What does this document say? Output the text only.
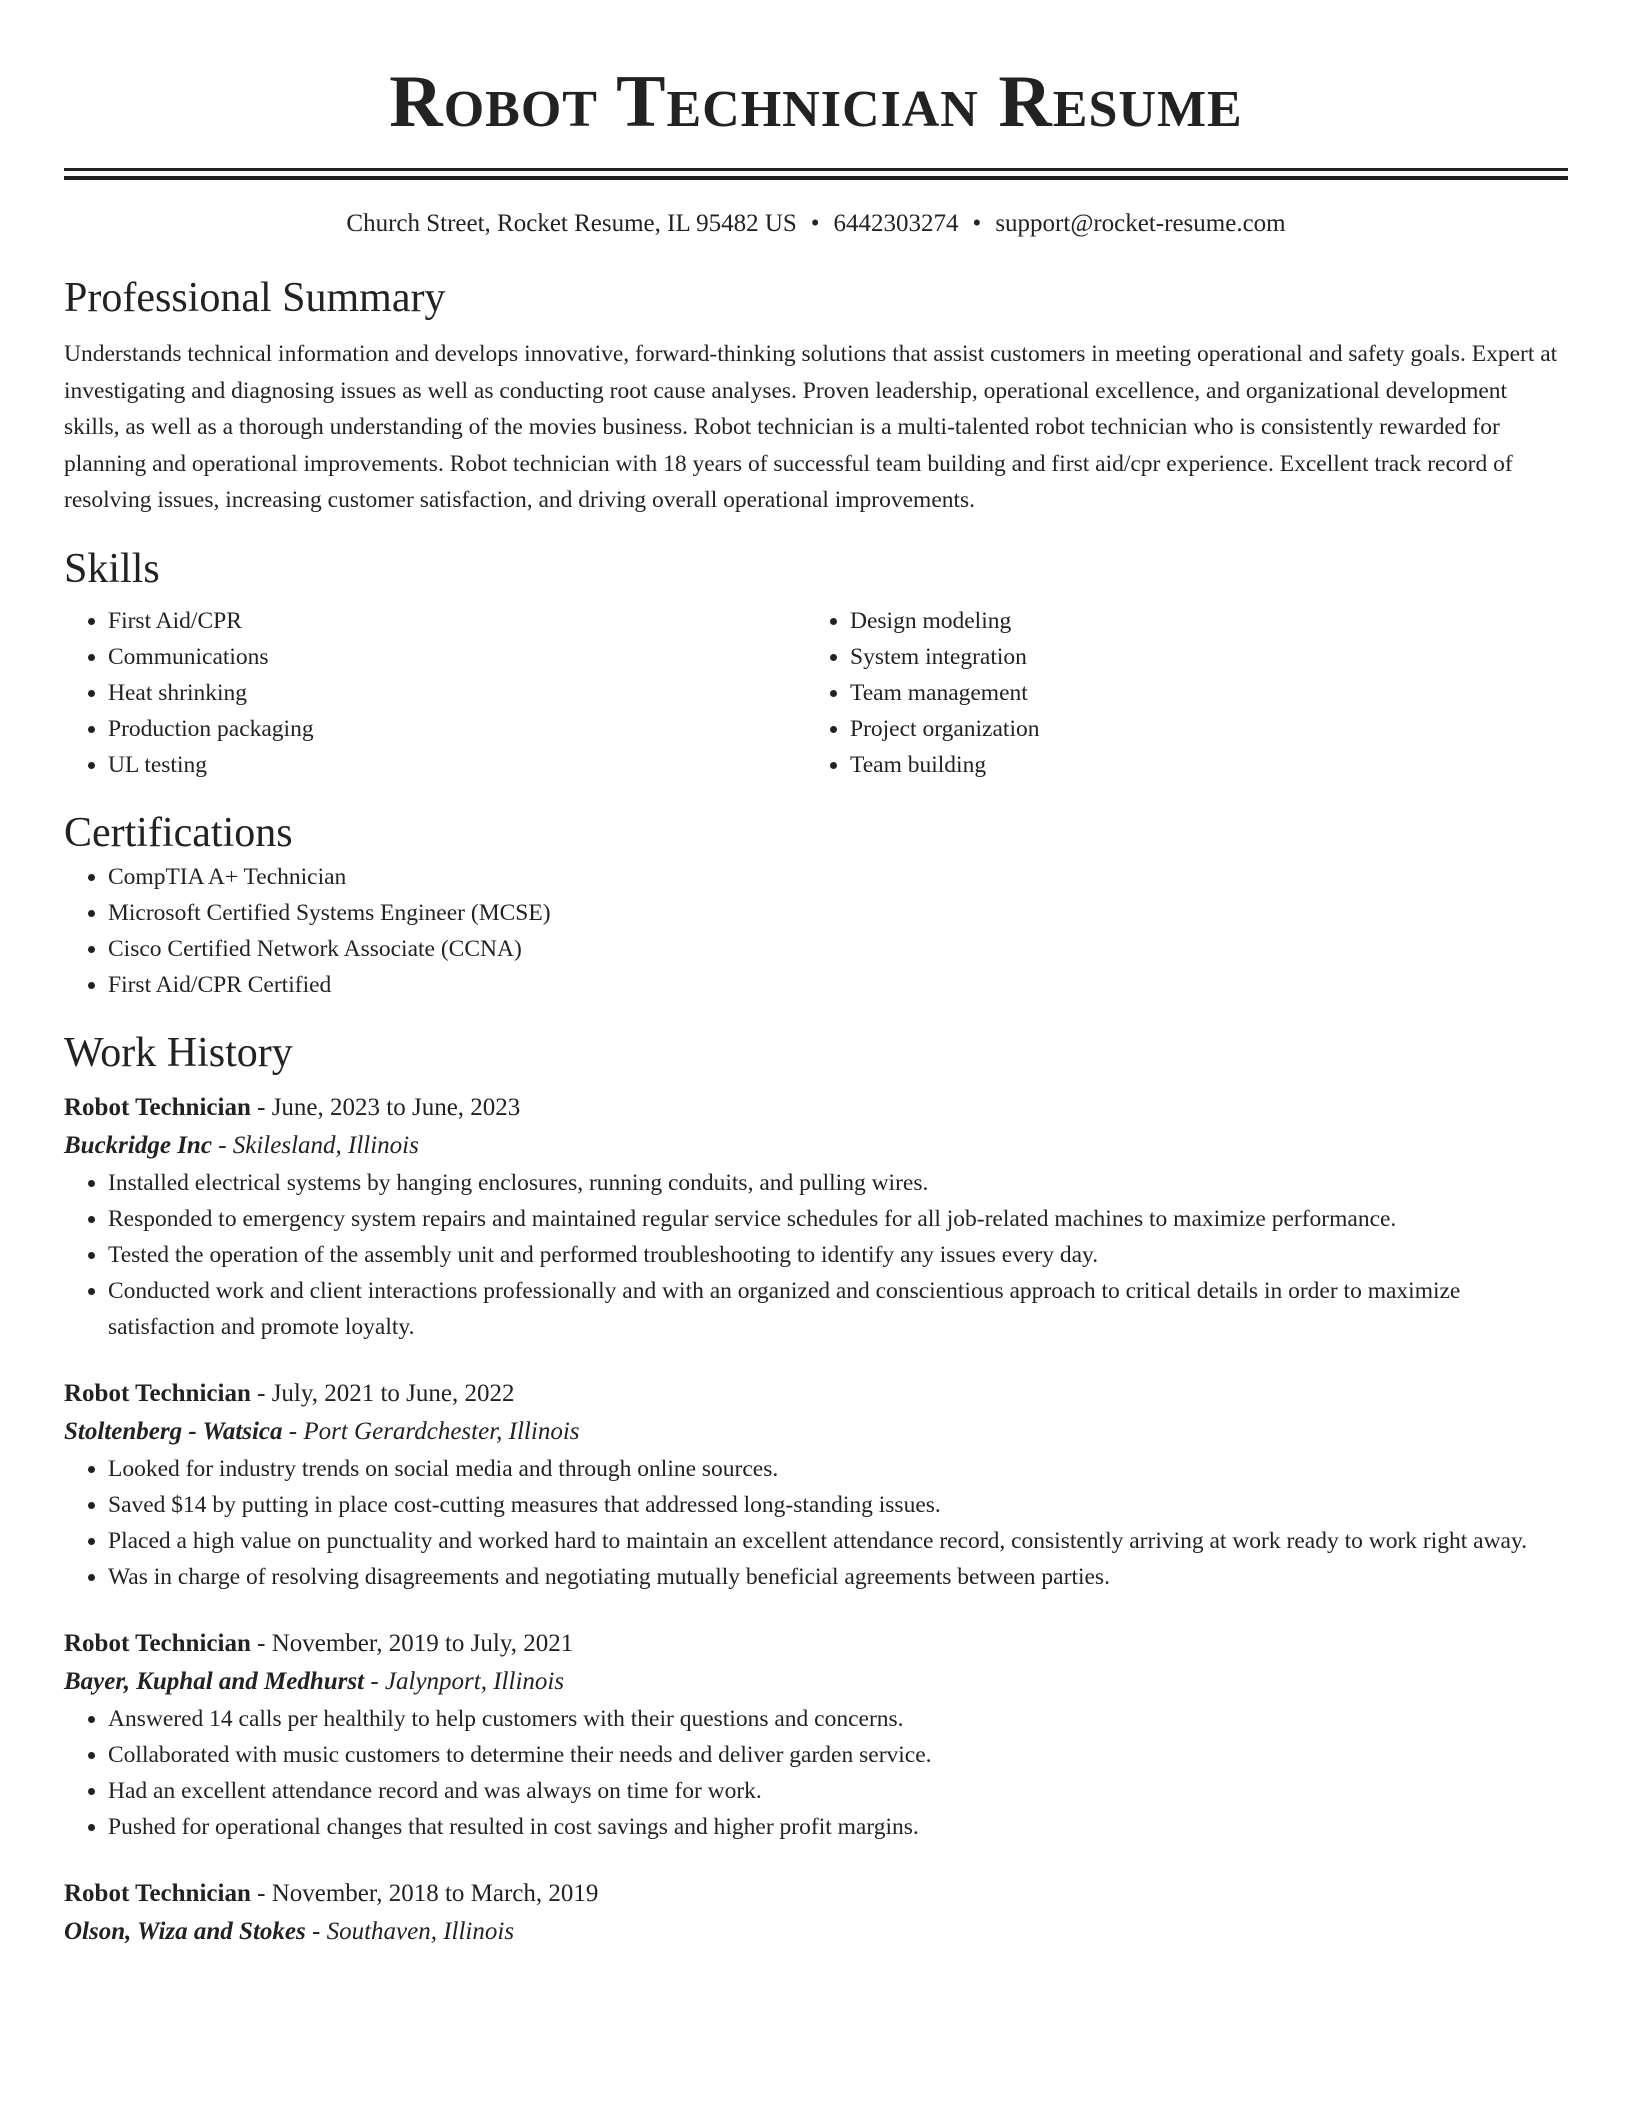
Robot Technician Resume
Church Street, Rocket Resume, IL 95482 US • 6442303274 • support@rocket-resume.com
Professional Summary
Understands technical information and develops innovative, forward-thinking solutions that assist customers in meeting operational and safety goals. Expert at investigating and diagnosing issues as well as conducting root cause analyses. Proven leadership, operational excellence, and organizational development skills, as well as a thorough understanding of the movies business. Robot technician is a multi-talented robot technician who is consistently rewarded for planning and operational improvements. Robot technician with 18 years of successful team building and first aid/cpr experience. Excellent track record of resolving issues, increasing customer satisfaction, and driving overall operational improvements.
Skills
• First Aid/CPR
• Communications
• Heat shrinking
• Production packaging
• UL testing
• Design modeling
• System integration
• Team management
• Project organization
• Team building
Certifications
• CompTIA A+ Technician
• Microsoft Certified Systems Engineer (MCSE)
• Cisco Certified Network Associate (CCNA)
• First Aid/CPR Certified
Work History
Robot Technician - June, 2023 to June, 2023
Buckridge Inc - Skilesland, Illinois
• Installed electrical systems by hanging enclosures, running conduits, and pulling wires.
• Responded to emergency system repairs and maintained regular service schedules for all job-related machines to maximize performance.
• Tested the operation of the assembly unit and performed troubleshooting to identify any issues every day.
• Conducted work and client interactions professionally and with an organized and conscientious approach to critical details in order to maximize satisfaction and promote loyalty.
Robot Technician - July, 2021 to June, 2022
Stoltenberg - Watsica - Port Gerardchester, Illinois
• Looked for industry trends on social media and through online sources.
• Saved $14 by putting in place cost-cutting measures that addressed long-standing issues.
• Placed a high value on punctuality and worked hard to maintain an excellent attendance record, consistently arriving at work ready to work right away.
• Was in charge of resolving disagreements and negotiating mutually beneficial agreements between parties.
Robot Technician - November, 2019 to July, 2021
Bayer, Kuphal and Medhurst - Jalynport, Illinois
• Answered 14 calls per healthily to help customers with their questions and concerns.
• Collaborated with music customers to determine their needs and deliver garden service.
• Had an excellent attendance record and was always on time for work.
• Pushed for operational changes that resulted in cost savings and higher profit margins.
Robot Technician - November, 2018 to March, 2019
Olson, Wiza and Stokes - Southaven, Illinois
